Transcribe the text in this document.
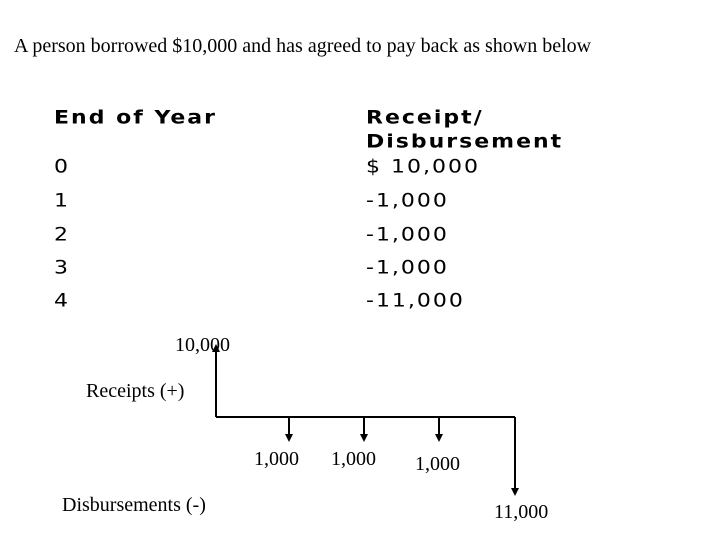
A person borrowed $10,000 and has agreed to pay back as shown below

End of Year	Receipt/
Disbursement
0	$ 10,000
1	-1,000
2	-1,000
3	-1,000
4	-11,000
10,000
Receipts (+)
1,000 1,000 1,000
Disbursements (-)	11,000
